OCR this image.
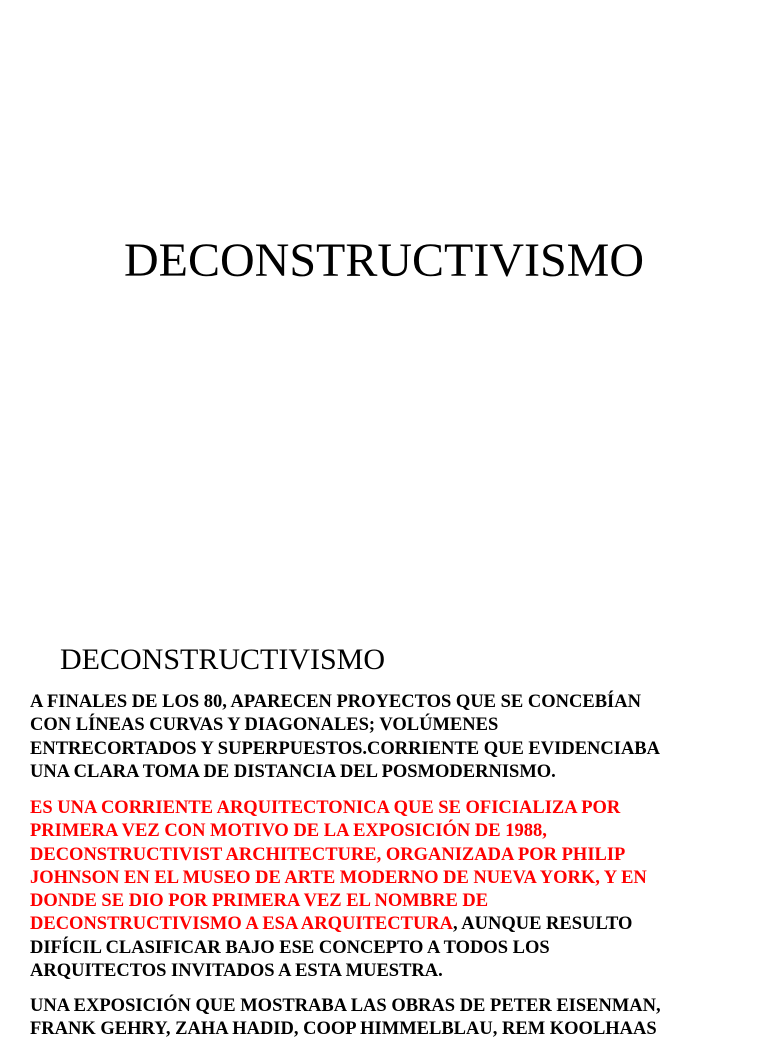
DECONSTRUCTIVISMO
DECONSTRUCTIVISMO

A FINALES DE LOS 80, APARECEN PROYECTOS QUE SE CONCEBÍAN
CON LÍNEAS CURVAS Y DIAGONALES; VOLÚMENES
ENTRECORTADOS Y SUPERPUESTOS.CORRIENTE QUE EVIDENCIABA
UNA CLARA TOMA DE DISTANCIA DEL POSMODERNISMO.

ES UNA CORRIENTE ARQUITECTONICA QUE SE OFICIALIZA POR
PRIMERA VEZ CON MOTIVO DE LA EXPOSICIÓN DE 1988,
DECONSTRUCTIVIST ARCHITECTURE, ORGANIZADA POR PHILIP
JOHNSON EN EL MUSEO DE ARTE MODERNO DE NUEVA YORK, Y EN
DONDE SE DIO POR PRIMERA VEZ EL NOMBRE DE
DECONSTRUCTIVISMO A ESA ARQUITECTURA, AUNQUE RESULTO
DIFÍCIL CLASIFICAR BAJO ESE CONCEPTO A TODOS LOS
ARQUITECTOS INVITADOS A ESTA MUESTRA.

UNA EXPOSICIÓN QUE MOSTRABA LAS OBRAS DE PETER EISENMAN,
FRANK GEHRY, ZAHA HADID, COOP HIMMELBLAU, REM KOOLHAAS
